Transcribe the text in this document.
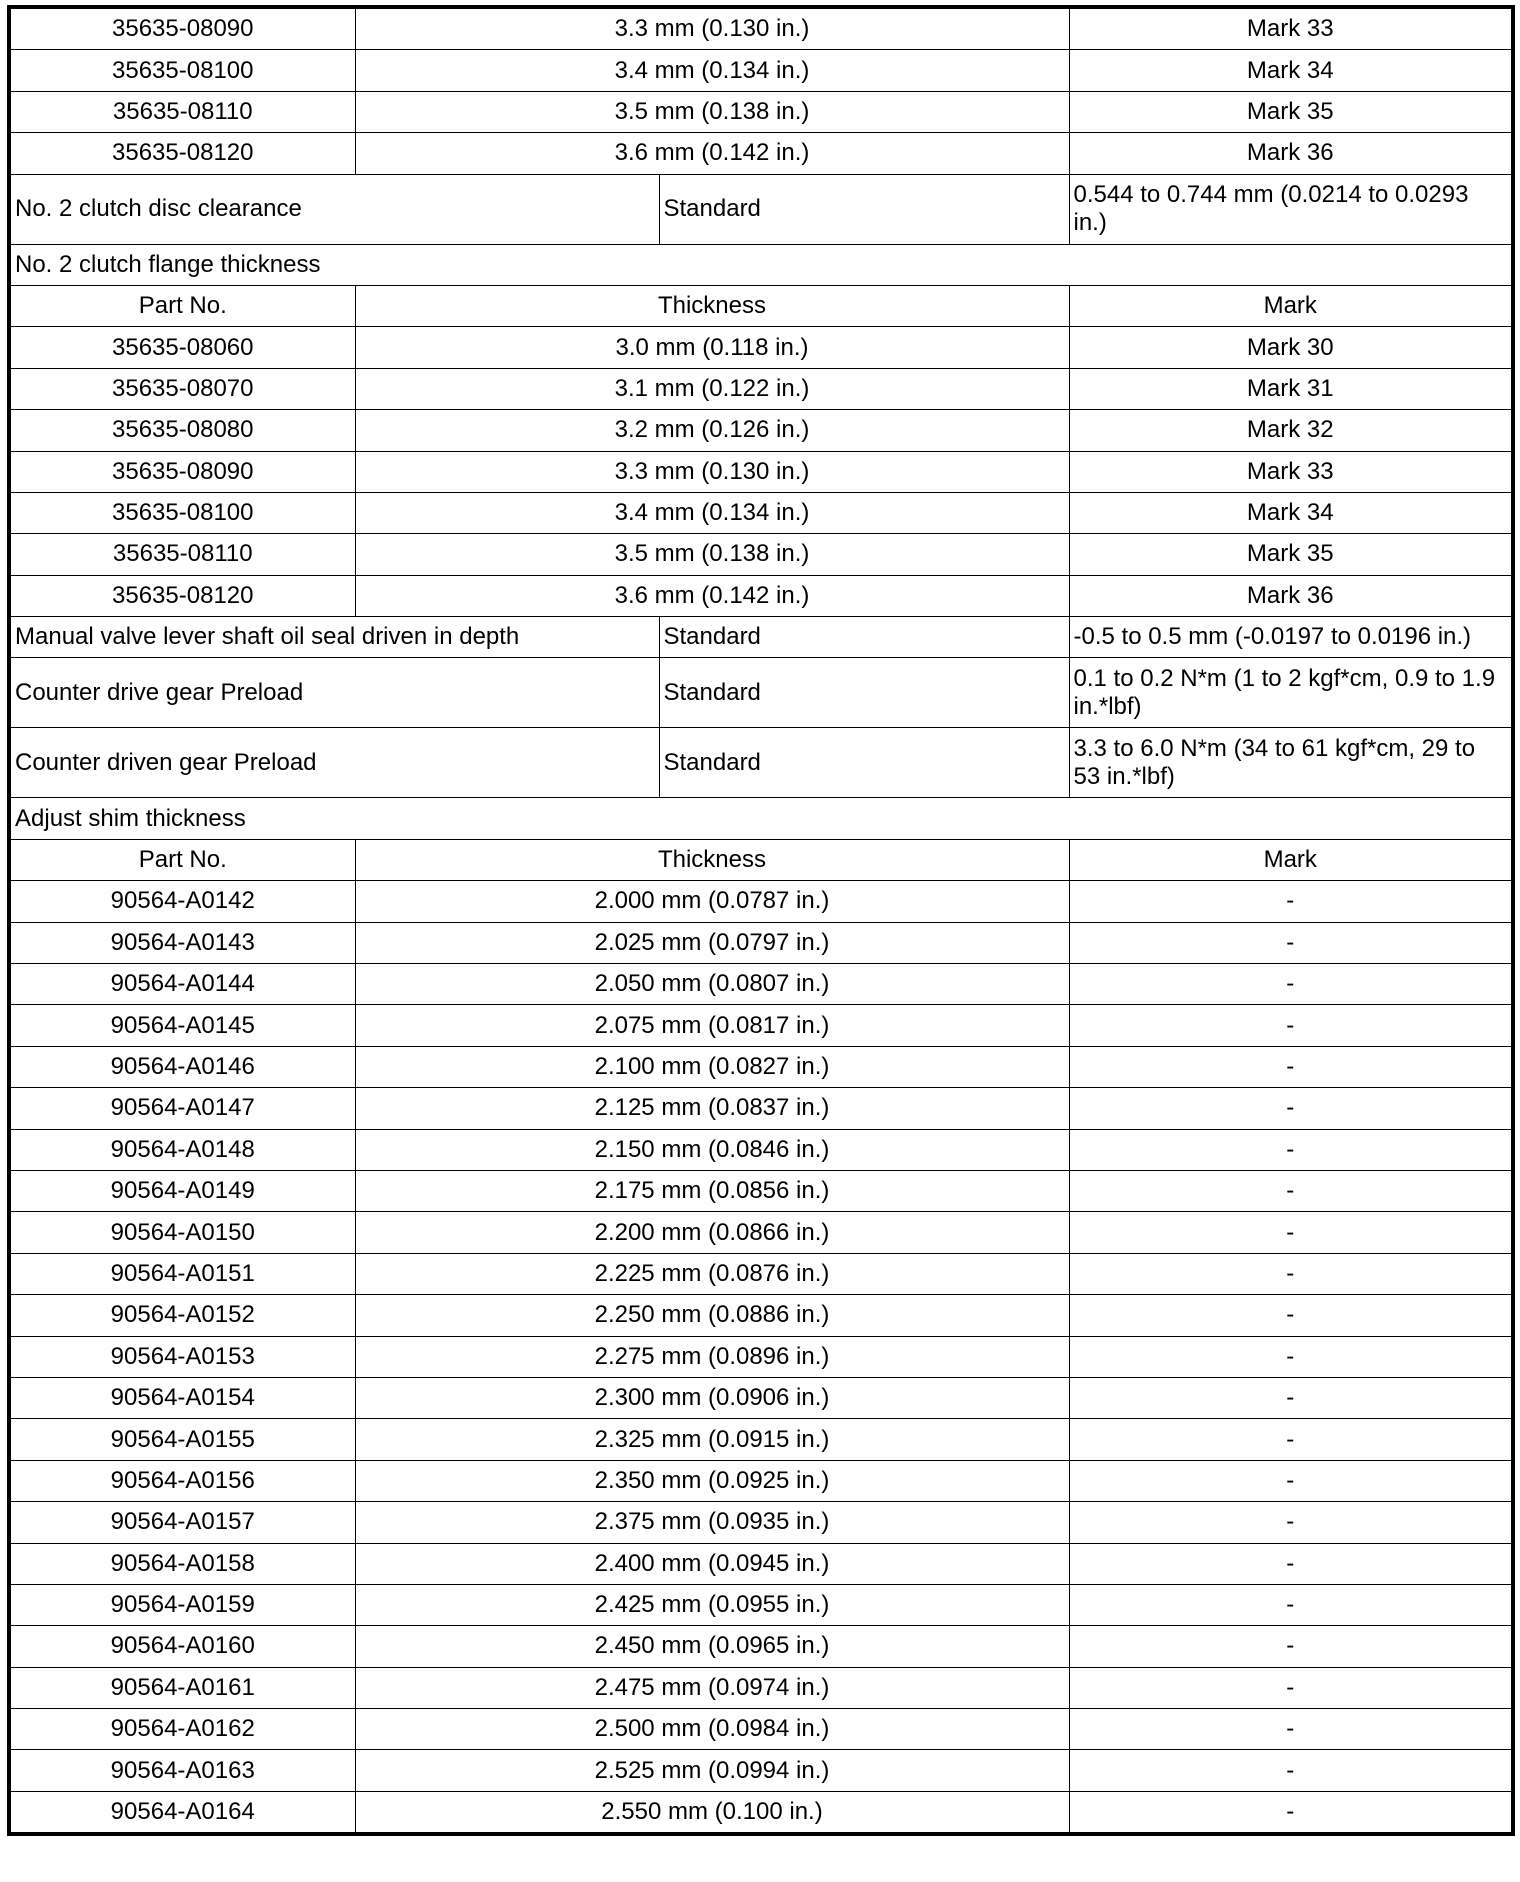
35635-08090	3.3 mm (0.130 in.)		Mark 33
35635-08100	3.4 mm (0.134 in.)		Mark 34
35635-08110	3.5 mm (0.138 in.)		Mark 35
35635-08120	3.6 mm (0.142 in.)		Mark 36
No. 2 clutch disc clearance		Standard	0.544 to 0.744 mm (0.0214 to 0.0293 in.)
No. 2 clutch flange thickness			
Part No.	Thickness		Mark
35635-08060	3.0 mm (0.118 in.)		Mark 30
35635-08070	3.1 mm (0.122 in.)		Mark 31
35635-08080	3.2 mm (0.126 in.)		Mark 32
35635-08090	3.3 mm (0.130 in.)		Mark 33
35635-08100	3.4 mm (0.134 in.)		Mark 34
35635-08110	3.5 mm (0.138 in.)		Mark 35
35635-08120	3.6 mm (0.142 in.)		Mark 36
Manual valve lever shaft oil seal driven in depth		Standard	-0.5 to 0.5 mm (-0.0197 to 0.0196 in.)
Counter drive gear Preload		Standard	0.1 to 0.2 N*m (1 to 2 kgf*cm, 0.9 to 1.9 in.*lbf)
Counter driven gear Preload		Standard	3.3 to 6.0 N*m (34 to 61 kgf*cm, 29 to 53 in.*lbf)
Adjust shim thickness			
Part No.	Thickness		Mark
90564-A0142	2.000 mm (0.0787 in.)		-
90564-A0143	2.025 mm (0.0797 in.)		-
90564-A0144	2.050 mm (0.0807 in.)		-
90564-A0145	2.075 mm (0.0817 in.)		-
90564-A0146	2.100 mm (0.0827 in.)		-
90564-A0147	2.125 mm (0.0837 in.)		-
90564-A0148	2.150 mm (0.0846 in.)		-
90564-A0149	2.175 mm (0.0856 in.)		-
90564-A0150	2.200 mm (0.0866 in.)		-
90564-A0151	2.225 mm (0.0876 in.)		-
90564-A0152	2.250 mm (0.0886 in.)		-
90564-A0153	2.275 mm (0.0896 in.)		-
90564-A0154	2.300 mm (0.0906 in.)		-
90564-A0155	2.325 mm (0.0915 in.)		-
90564-A0156	2.350 mm (0.0925 in.)		-
90564-A0157	2.375 mm (0.0935 in.)		-
90564-A0158	2.400 mm (0.0945 in.)		-
90564-A0159	2.425 mm (0.0955 in.)		-
90564-A0160	2.450 mm (0.0965 in.)		-
90564-A0161	2.475 mm (0.0974 in.)		-
90564-A0162	2.500 mm (0.0984 in.)		-
90564-A0163	2.525 mm (0.0994 in.)		-
90564-A0164	2.550 mm (0.100 in.)		-
